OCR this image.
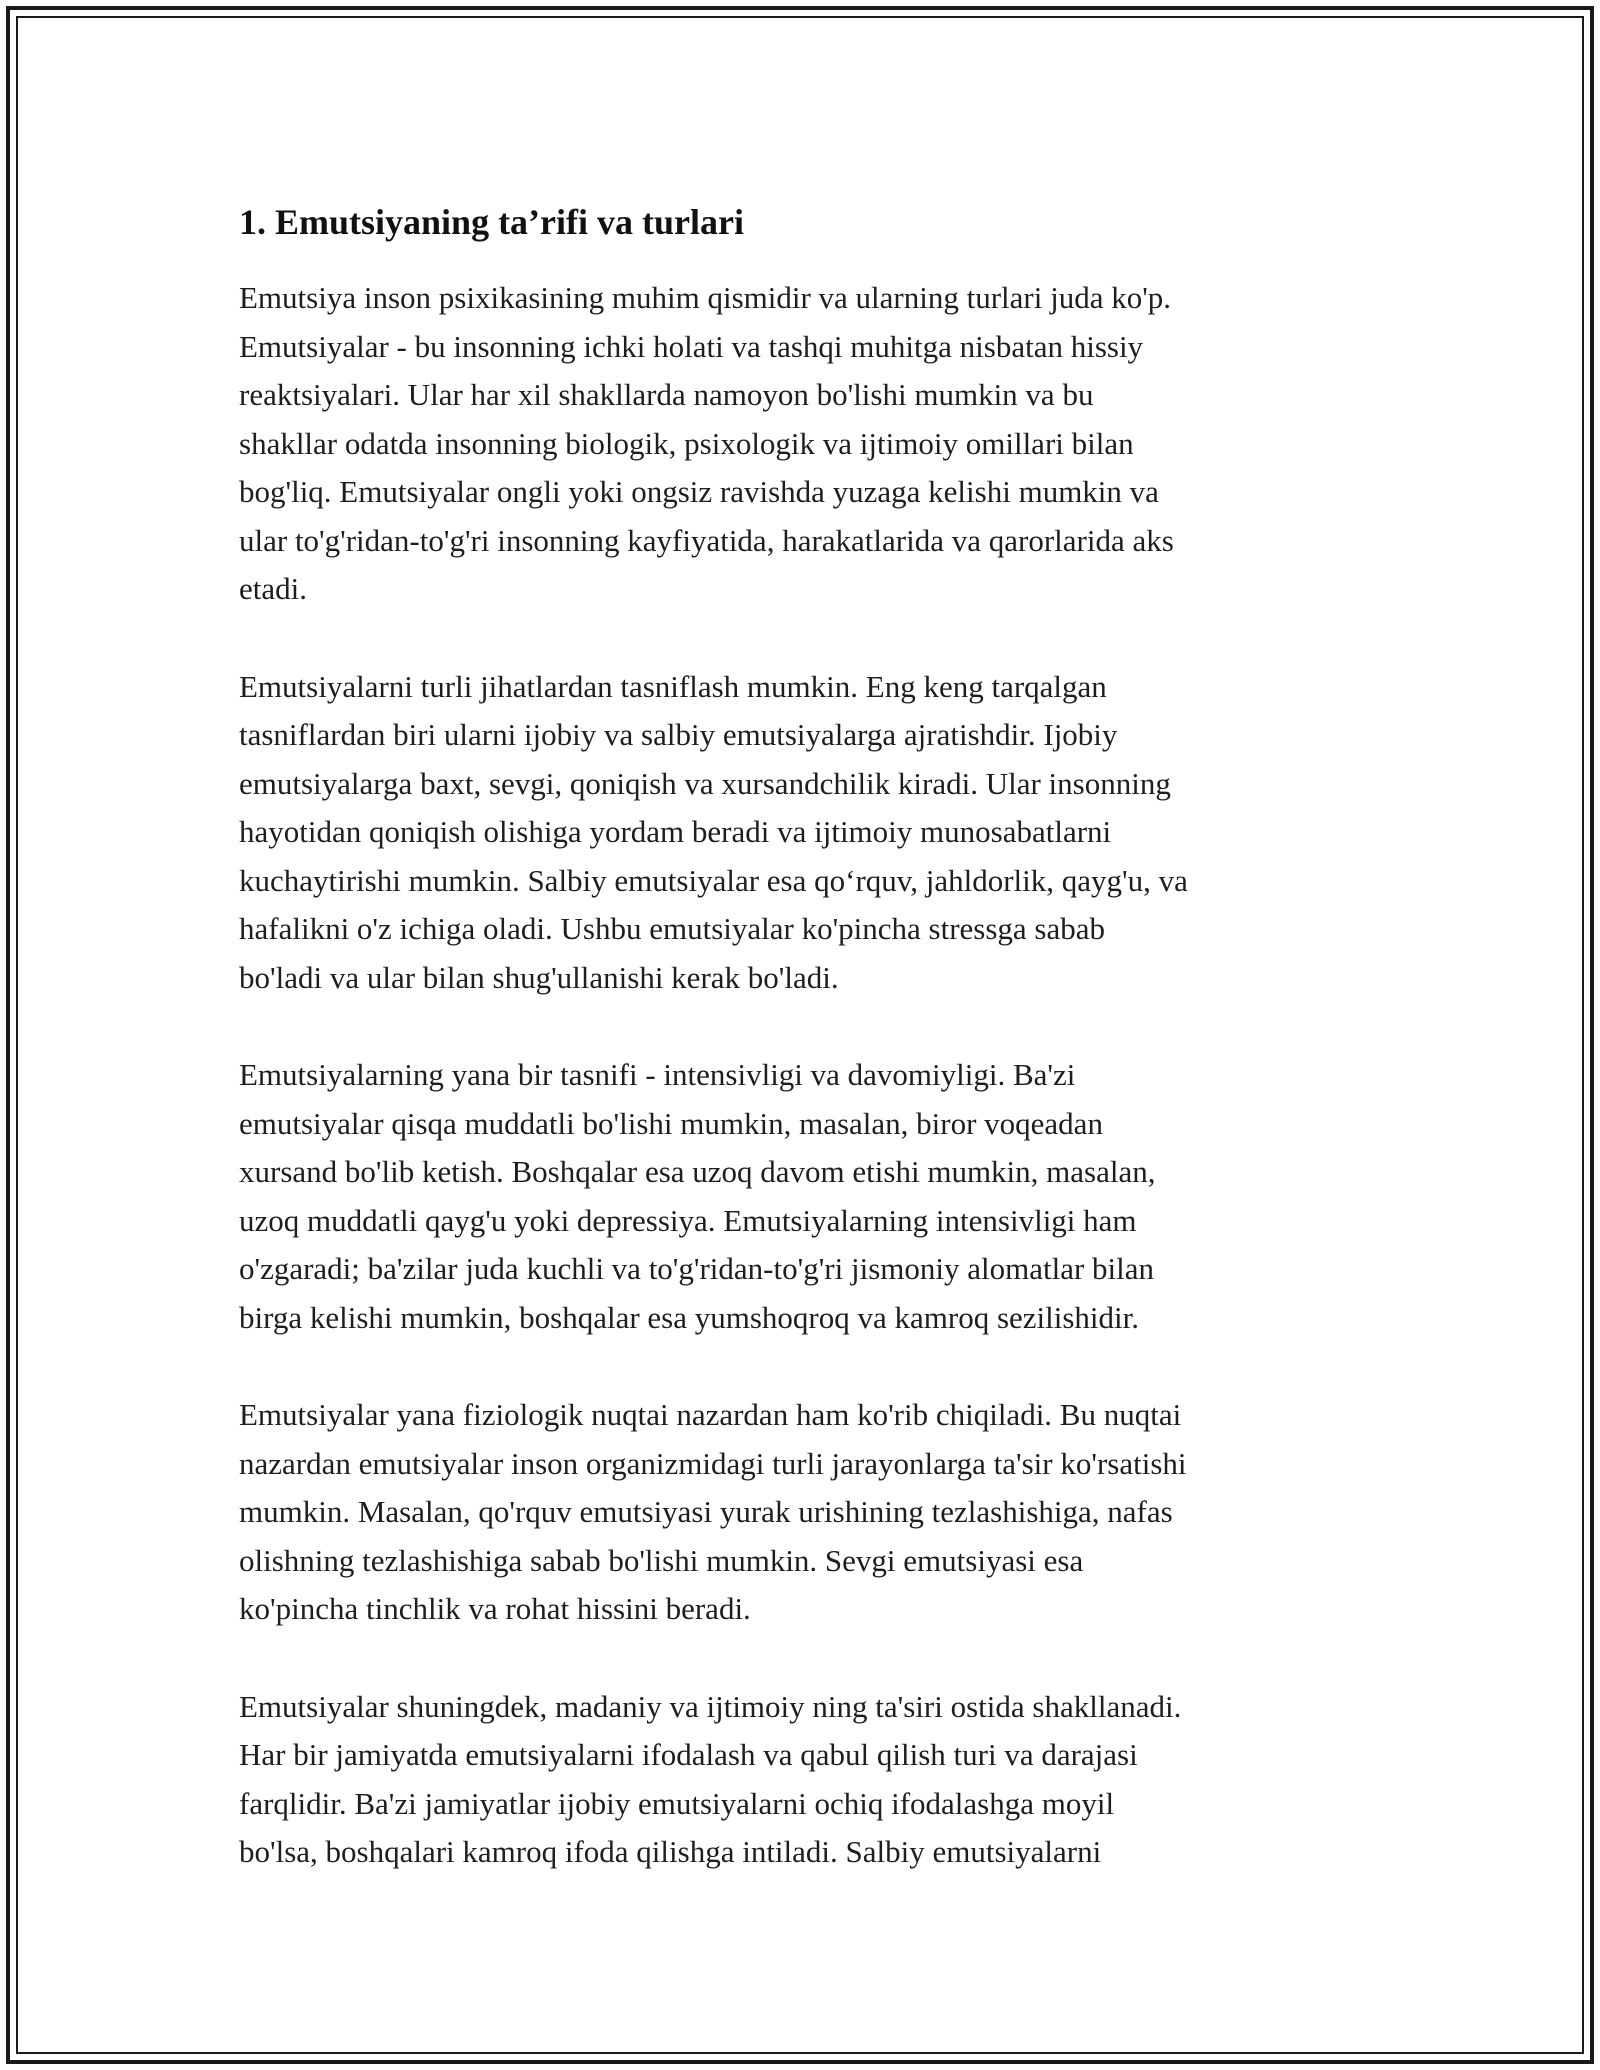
1. Emutsiyaning ta’rifi va turlari

Emutsiya inson psixikasining muhim qismidir va ularning turlari juda ko'p.
Emutsiyalar - bu insonning ichki holati va tashqi muhitga nisbatan hissiy
reaktsiyalari. Ular har xil shakllarda namoyon bo'lishi mumkin va bu
shakllar odatda insonning biologik, psixologik va ijtimoiy omillari bilan
bog'liq. Emutsiyalar ongli yoki ongsiz ravishda yuzaga kelishi mumkin va
ular to'g'ridan-to'g'ri insonning kayfiyatida, harakatlarida va qarorlarida aks
etadi.

Emutsiyalarni turli jihatlardan tasniflash mumkin. Eng keng tarqalgan
tasniflardan biri ularni ijobiy va salbiy emutsiyalarga ajratishdir. Ijobiy
emutsiyalarga baxt, sevgi, qoniqish va xursandchilik kiradi. Ular insonning
hayotidan qoniqish olishiga yordam beradi va ijtimoiy munosabatlarni
kuchaytirishi mumkin. Salbiy emutsiyalar esa qo‘rquv, jahldorlik, qayg'u, va
hafalikni o'z ichiga oladi. Ushbu emutsiyalar ko'pincha stressga sabab
bo'ladi va ular bilan shug'ullanishi kerak bo'ladi.

Emutsiyalarning yana bir tasnifi - intensivligi va davomiyligi. Ba'zi
emutsiyalar qisqa muddatli bo'lishi mumkin, masalan, biror voqeadan
xursand bo'lib ketish. Boshqalar esa uzoq davom etishi mumkin, masalan,
uzoq muddatli qayg'u yoki depressiya. Emutsiyalarning intensivligi ham
o'zgaradi; ba'zilar juda kuchli va to'g'ridan-to'g'ri jismoniy alomatlar bilan
birga kelishi mumkin, boshqalar esa yumshoqroq va kamroq sezilishidir.

Emutsiyalar yana fiziologik nuqtai nazardan ham ko'rib chiqiladi. Bu nuqtai
nazardan emutsiyalar inson organizmidagi turli jarayonlarga ta'sir ko'rsatishi
mumkin. Masalan, qo'rquv emutsiyasi yurak urishining tezlashishiga, nafas
olishning tezlashishiga sabab bo'lishi mumkin. Sevgi emutsiyasi esa
ko'pincha tinchlik va rohat hissini beradi.

Emutsiyalar shuningdek, madaniy va ijtimoiy ning ta'siri ostida shakllanadi.
Har bir jamiyatda emutsiyalarni ifodalash va qabul qilish turi va darajasi
farqlidir. Ba'zi jamiyatlar ijobiy emutsiyalarni ochiq ifodalashga moyil
bo'lsa, boshqalari kamroq ifoda qilishga intiladi. Salbiy emutsiyalarni
